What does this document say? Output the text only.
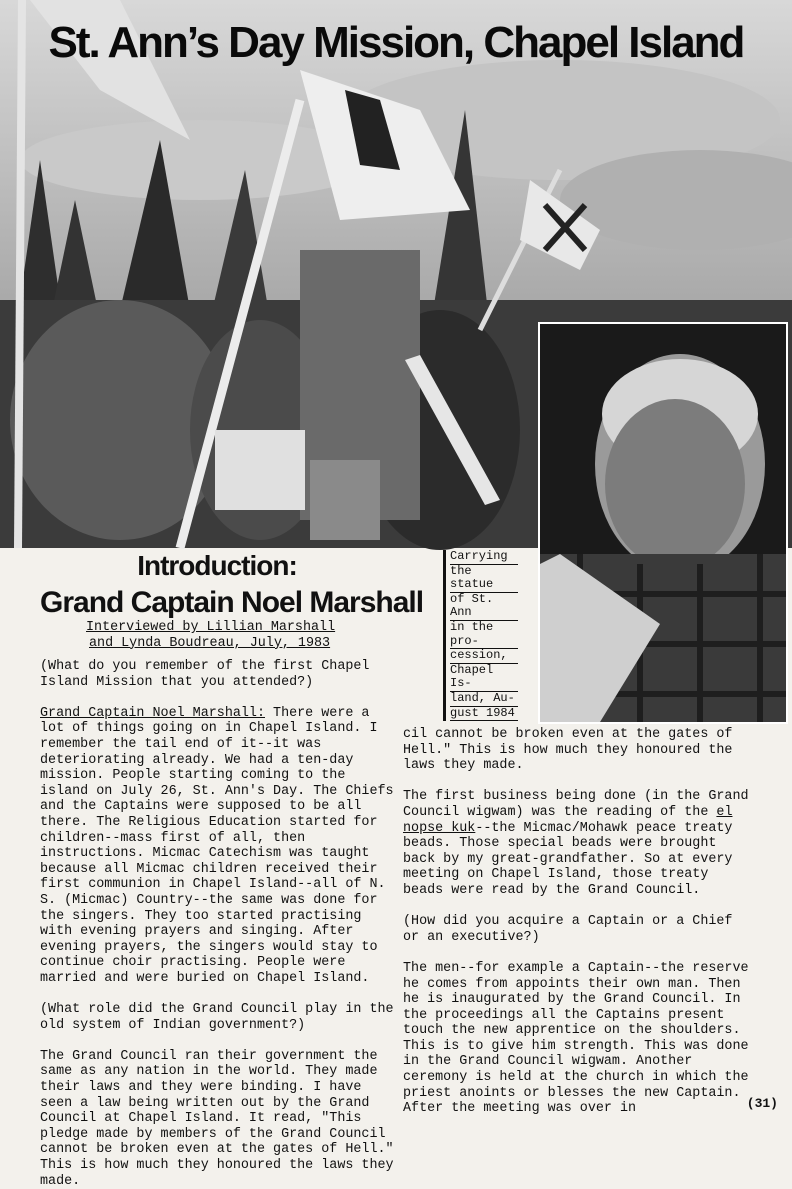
St. Ann’s Day Mission, Chapel Island
Carrying
the statue
of St. Ann
in the pro-
cession,
Chapel Is-
land, Au-
gust 1984
Introduction:
Grand Captain Noel Marshall
Interviewed by Lillian Marshall
and Lynda Boudreau, July, 1983

(What do you remember of the first Chapel Island Mission that you attended?)

Grand Captain Noel Marshall: There were a lot of things going on in Chapel Island. I remember the tail end of it--it was deteriorating already. We had a ten-day mission. People starting coming to the island on July 26, St. Ann's Day. The Chiefs and the Captains were supposed to be all there. The Religious Education started for children--mass first of all, then instructions. Micmac Catechism was taught because all Micmac children received their first communion in Chapel Island--all of N. S. (Micmac) Country--the same was done for the singers. They too started practising with evening prayers and singing. After evening prayers, the singers would stay to continue choir practising. People were married and were buried on Chapel Island.

(What role did the Grand Council play in the old system of Indian government?)

The Grand Council ran their government the same as any nation in the world. They made their laws and they were binding. I have seen a law being written out by the Grand Council at Chapel Island. It read, "This pledge made by members of the Grand Council cannot be broken even at the gates of Hell." This is how much they honoured the laws they made.

cil cannot be broken even at the gates of Hell." This is how much they honoured the laws they made.

The first business being done (in the Grand Council wigwam) was the reading of the el nopse kuk--the Micmac/Mohawk peace treaty beads. Those special beads were brought back by my great-grandfather. So at every meeting on Chapel Island, those treaty beads were read by the Grand Council.

(How did you acquire a Captain or a Chief or an executive?)

The men--for example a Captain--the reserve he comes from appoints their own man. Then he is inaugurated by the Grand Council. In the proceedings all the Captains present touch the new apprentice on the shoulders. This is to give him strength. This was done in the Grand Council wigwam. Another ceremony is held at the church in which the priest anoints or blesses the new Captain. After the meeting was over in	(31)
